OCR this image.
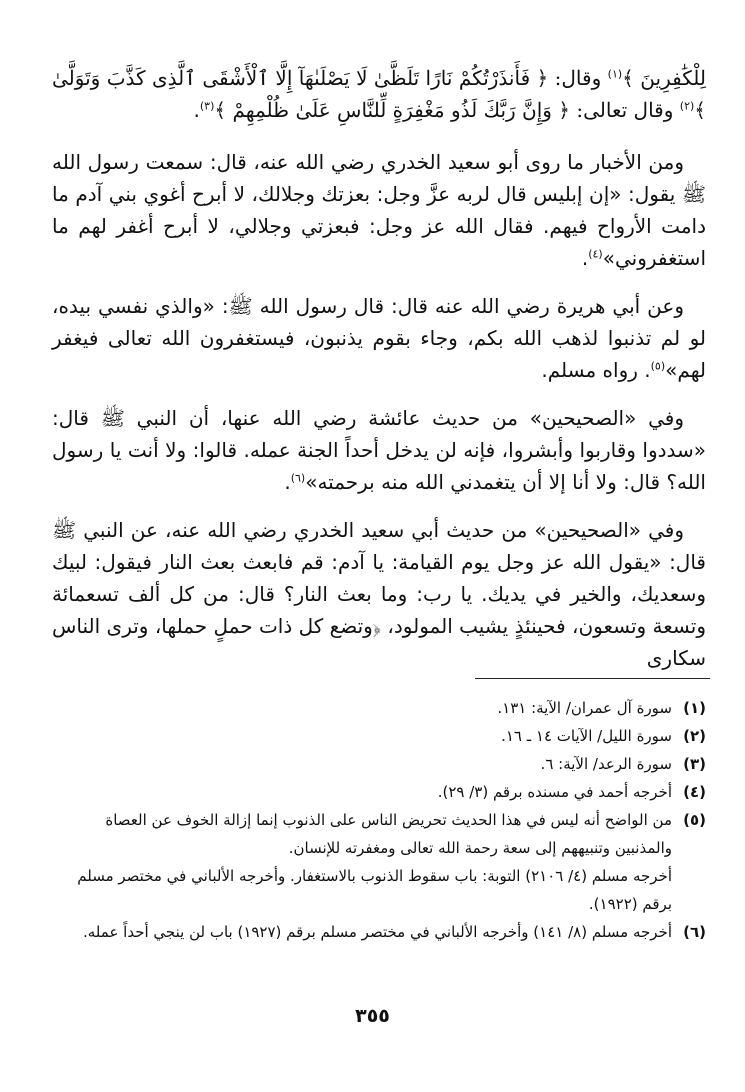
لِلْكَٰفِرِينَ ﴾$^{(١)}$ وقال: ﴿ فَأَنذَرْتُكُمْ نَارًا تَلَظَّىٰ لَا يَصْلَىٰهَآ إِلَّا ٱلْأَشْقَى ٱلَّذِى كَذَّبَ وَتَوَلَّىٰ ﴾$^{(٢)}$ وقال تعالى: ﴿ وَإِنَّ رَبَّكَ لَذُو مَغْفِرَةٍ لِّلنَّاسِ عَلَىٰ ظُلْمِهِمْ ﴾$^{(٣)}$.

ومن الأخبار ما روى أبو سعيد الخدري رضي الله عنه، قال: سمعت رسول الله ﷺ يقول: «إن إبليس قال لربه عزَّ وجل: بعزتك وجلالك، لا أبرح أغوي بني آدم ما دامت الأرواح فيهم. فقال الله عز وجل: فبعزتي وجلالي، لا أبرح أغفر لهم ما استغفروني»$^{(٤)}$.

وعن أبي هريرة رضي الله عنه قال: قال رسول الله ﷺ: «والذي نفسي بيده، لو لم تذنبوا لذهب الله بكم، وجاء بقوم يذنبون، فيستغفرون الله تعالى فيغفر لهم»$^{(٥)}$. رواه مسلم.

وفي «الصحيحين» من حديث عائشة رضي الله عنها، أن النبي ﷺ قال: «سددوا وقاربوا وأبشروا، فإنه لن يدخل أحداً الجنة عمله. قالوا: ولا أنت يا رسول الله؟ قال: ولا أنا إلا أن يتغمدني الله منه برحمته»$^{(٦)}$.

وفي «الصحيحين» من حديث أبي سعيد الخدري رضي الله عنه، عن النبي ﷺ قال: «يقول الله عز وجل يوم القيامة: يا آدم: قم فابعث بعث النار فيقول: لبيك وسعديك، والخير في يديك. يا رب: وما بعث النار؟ قال: من كل ألف تسعمائة وتسعة وتسعون، فحينئذٍ يشيب المولود، ﴿وتضع كل ذات حملٍ حملها، وترى الناس سكارى

(١)
سورة آل عمران/ الآية: ١٣١.
(٢)
سورة الليل/ الآيات ١٤ ـ ١٦.
(٣)
سورة الرعد/ الآية: ٦.
(٤)
أخرجه أحمد في مسنده برقم (٣/ ٢٩).
(٥)
من الواضح أنه ليس في هذا الحديث تحريض الناس على الذنوب إنما إزالة الخوف عن العصاة والمذنبين وتنبيههم إلى سعة رحمة الله تعالى ومغفرته للإنسان.
أخرجه مسلم (٤/ ٢١٠٦) التوبة: باب سقوط الذنوب بالاستغفار. وأخرجه الألباني في مختصر مسلم برقم (١٩٢٢).
(٦)
أخرجه مسلم (٨/ ١٤١) وأخرجه الألباني في مختصر مسلم برقم (١٩٢٧) باب لن ينجي أحداً عمله.
٣٥٥
